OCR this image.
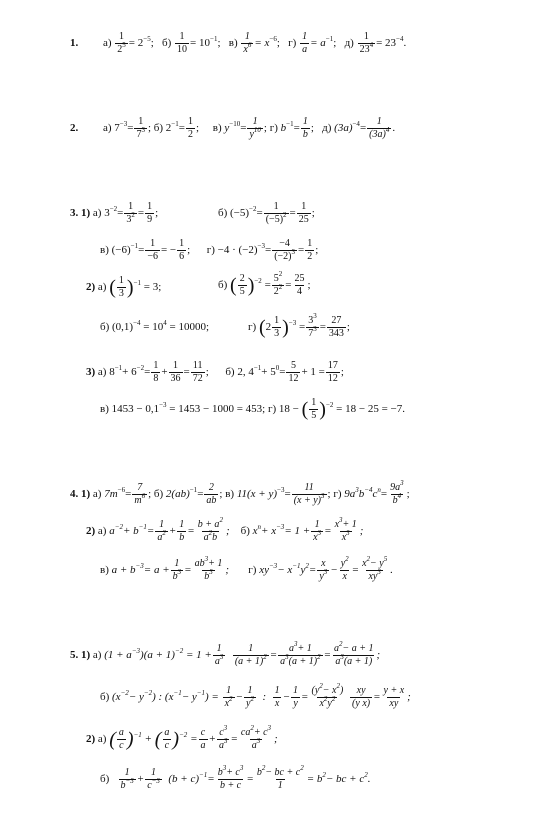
1. $а) \frac{1}{2^5} = 2^{-5}$; $б) \frac{1}{10} = 10^{-1}$; $в) \frac{1}{x^6} = x^{-6}$; $г) \frac{1}{a} = a^{-1}$; $д) \frac{1}{23^4} = 23^{-4}$.
2. а) $7^{-3}= \frac{1}{7^3}$ ; б) $2^{-1}= \frac{1}{2}$ ; в) $y^{-10}= \frac{1}{y^{10}}$ ; г) $b^{-1}= \frac{1}{b}$ ; д) $(3a)^{-4}= \frac{1}{(3a)^4}$ .
3. 1) а) $3^{-2}= \frac{1}{3^2} = \frac{1}{9}$ ;	б) $(-5)^{-2}= \frac{1}{(-5)^2} = \frac{1}{25}$ ;
в) $(-6)^{-1}= \frac{1}{-6}$ = − $\frac{1}{6}$ ; $г) -4 \cdot (-2)^{-3}= \frac{-4}{(-2)^3} = \frac{1}{2}$ ;
2) а) ( $\frac{1}{3} )^{-1} = 3$;	б) ( $\frac{2}{5} )^{-2} = \frac{5^2}{2^2} = \frac{25}{4}$ ;
б) $(0,1)^{-4} = 10^4 = 10000$;	г) $(2 \frac{1}{3} )^{-3} = \frac{3^3}{7^3} = \frac{27}{343}$ ;
3) а) $8^{-1}+ 6^{-2}= \frac{1}{8} + \frac{1}{36} = \frac{11}{72}$ ; б) 2, $4^{-1}+ 5^0= \frac{5}{12} + 1 = \frac{17}{12}$ ;
в) $1453 - 0,1^{-3} = 1453 - 1000 = 453$; г) 18 − ( $\frac{1}{5} )^{-2} = 18 - 25 = -7$.
4. 1) а) $7m^{-6}= \frac{7}{m^6}$ ; б) $2(ab)^{-1}= \frac{2}{ab}$ ; в) $11(x + y)^{-3}= \frac{11}{(x + y)^3}$ ; г) $9a^3b^{-4}c^n= \frac{9a^3}{b^4}$ ;
2) а) $a^{-2}+ b^{-1}= \frac{1}{a^2} + \frac{1}{b} = \frac{b + a^2}{a^2b}$ ; б) $x^n+ x^{-3}= 1 + \frac{1}{x^3} = \frac{x^3+ 1}{x^3}$ ;
в) $a + b^{-3}= a + \frac{1}{b^3} = \frac{ab^3+ 1}{b^3}$ ; г) $xy^{-3}- x^{-1}y^2= \frac{x}{y^3} - \frac{y^2}{x} = \frac{x^2- y^5}{xy^3}$ .
5. 1) а) $(1 + a^{-3})(a + 1)^{-2} = 1 + \frac{1}{a^3}$
$\frac{1}{(a + 1)^2} = \frac{a^3+ 1}{a^3(a + 1)^2} = \frac{a^2- a + 1}{a^3(a + 1)}$ ;
б) $(x^{-2}- y^{-2})$ : $(x^{-1}- y^{-1}) = \frac{1}{x^2} - \frac{1}{y^2}$ : $\frac{1}{x} - \frac{1}{y} = \frac{(y^2- x^2)}{x^2y^2}$
$\frac{xy}{\text{(y x)}} = \frac{y + x}{xy}$ ;
2) а) ( $\frac{a}{c} )^{-1}$ + ( $\frac{a}{c} )^{-2} = \frac{c}{a} + \frac{c^3}{a^3} = \frac{ca^2+ c^3}{a^3}$ ;
$б) \frac{1}{b^{-3}} + \frac{1}{c^{-3}} (b + c)^{-1}= \frac{b^3+ c^3}{b + c} = \frac{b^2- bc + c^2}{1} = b^2-$ bc + $c^2$.
